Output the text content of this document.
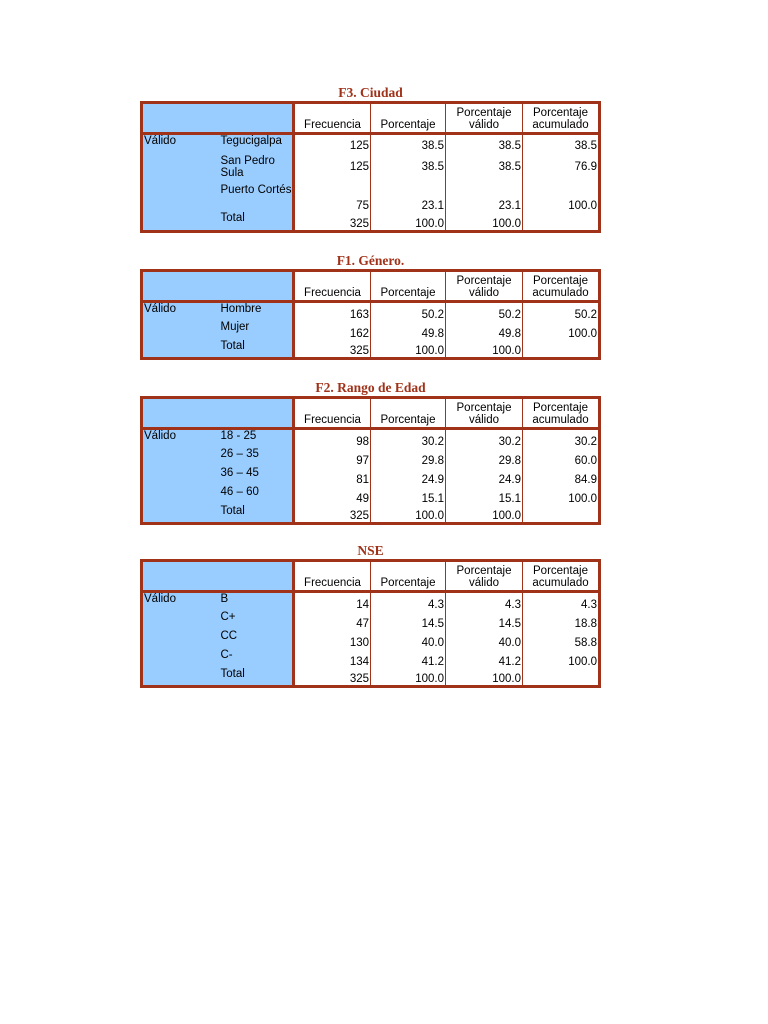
F3. Ciudad
		Frecuencia	Porcentaje	Porcentaje válido	Porcentaje acumulado
Válido	Tegucigalpa	125	38.5	38.5	38.5
	San Pedro Sula	125	38.5	38.5	76.9
	Puerto Cortés	75	23.1	23.1	100.0
	Total	325	100.0	100.0	
F1. Género.
		Frecuencia	Porcentaje	Porcentaje válido	Porcentaje acumulado
Válido	Hombre	163	50.2	50.2	50.2
	Mujer	162	49.8	49.8	100.0
	Total	325	100.0	100.0	
F2. Rango de Edad
		Frecuencia	Porcentaje	Porcentaje válido	Porcentaje acumulado
Válido	18 - 25	98	30.2	30.2	30.2
	26 – 35	97	29.8	29.8	60.0
	36 – 45	81	24.9	24.9	84.9
	46 – 60	49	15.1	15.1	100.0
	Total	325	100.0	100.0	
NSE
		Frecuencia	Porcentaje	Porcentaje válido	Porcentaje acumulado
Válido	B	14	4.3	4.3	4.3
	C+	47	14.5	14.5	18.8
	CC	130	40.0	40.0	58.8
	C-	134	41.2	41.2	100.0
	Total	325	100.0	100.0	
